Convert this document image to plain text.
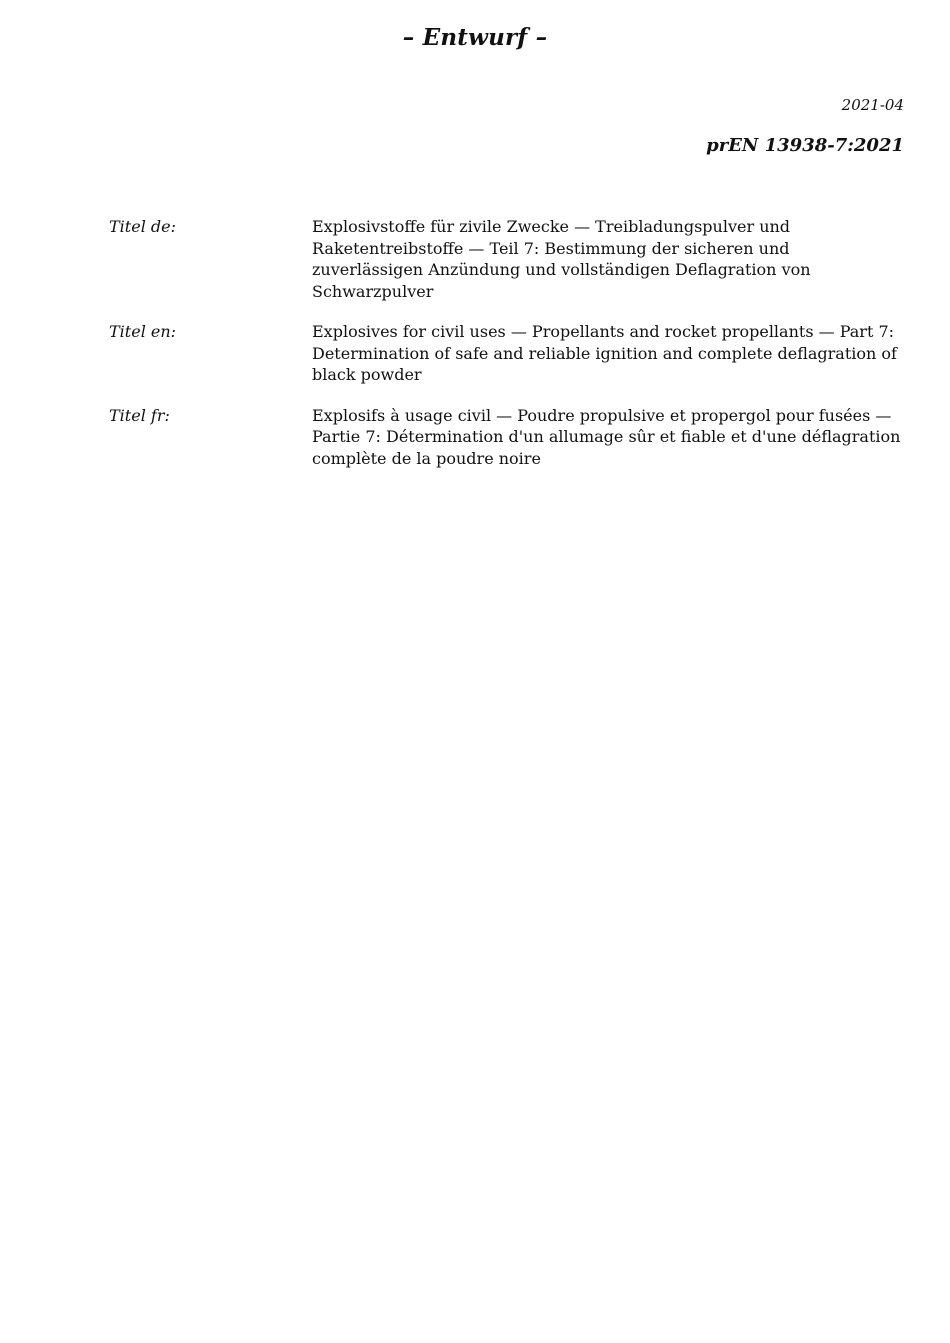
– Entwurf –
2021-04
prEN 13938-7:2021
Titel de:	Explosivstoffe für zivile Zwecke — Treibladungspulver und Raketentreibstoffe — Teil 7: Bestimmung der sicheren und zuverlässigen Anzündung und vollständigen Deflagration von Schwarzpulver
Titel en:	Explosives for civil uses — Propellants and rocket propellants — Part 7: Determination of safe and reliable ignition and complete deflagration of black powder
Titel fr:	Explosifs à usage civil — Poudre propulsive et propergol pour fusées — Partie 7: Détermination d'un allumage sûr et fiable et d'une déflagration complète de la poudre noire
